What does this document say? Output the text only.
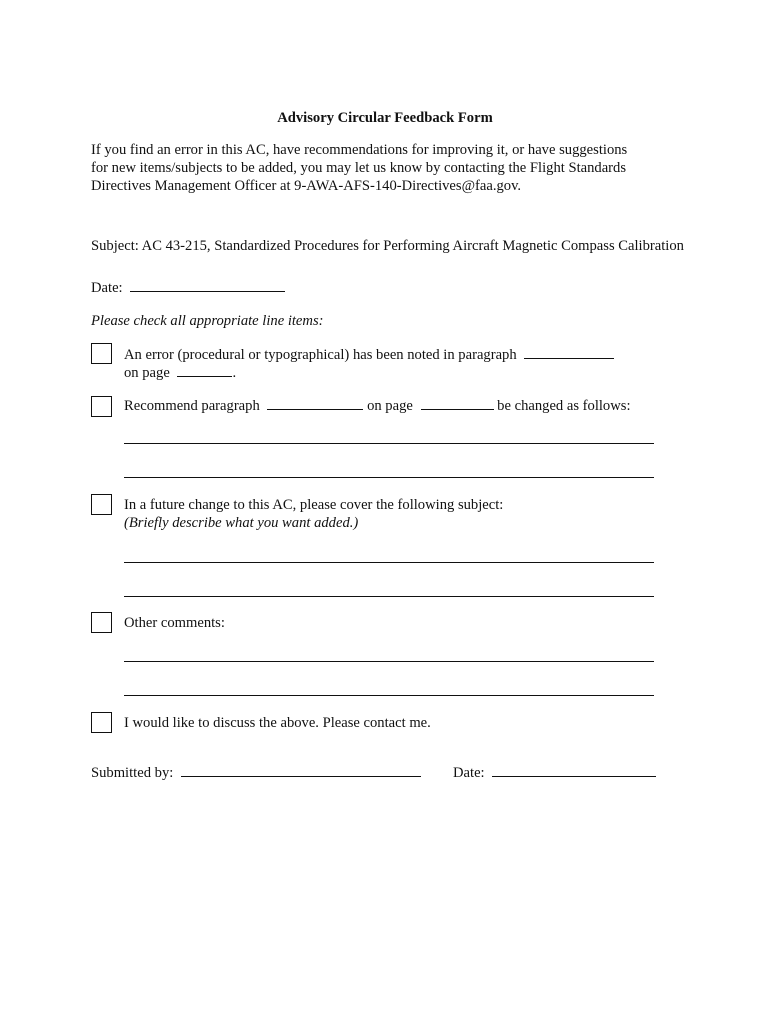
Advisory Circular Feedback Form
If you find an error in this AC, have recommendations for improving it, or have suggestions
for new items/subjects to be added, you may let us know by contacting the Flight Standards
Directives Management Officer at 9-AWA-AFS-140-Directives@faa.gov.
Subject: AC 43-215, Standardized Procedures for Performing Aircraft Magnetic Compass Calibration
Date:
Please check all appropriate line items:
An error (procedural or typographical) has been noted in paragraph
on page	.
Recommend paragraph	on page	be changed as follows:
In a future change to this AC, please cover the following subject:
(Briefly describe what you want added.)
Other comments:
I would like to discuss the above. Please contact me.
Submitted by:	Date:
